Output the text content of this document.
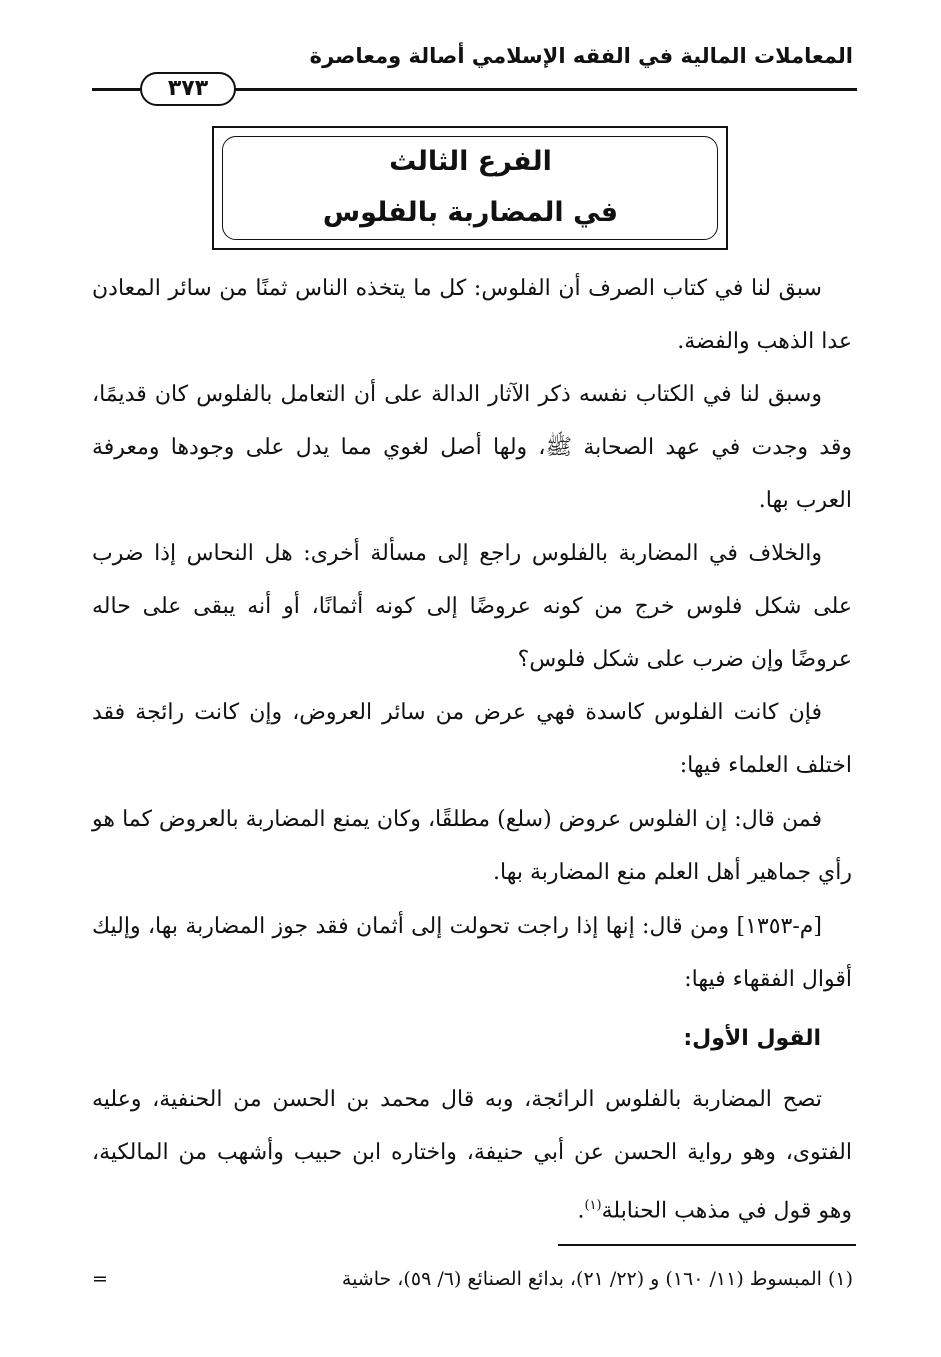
المعاملات المالية في الفقه الإسلامي أصالة ومعاصرة
٣٧٣
الفرع الثالث
في المضاربة بالفلوس
سبق لنا في كتاب الصرف أن الفلوس: كل ما يتخذه الناس ثمنًا من سائر المعادن عدا الذهب والفضة.
وسبق لنا في الكتاب نفسه ذكر الآثار الدالة على أن التعامل بالفلوس كان قديمًا، وقد وجدت في عهد الصحابة ﷺ، ولها أصل لغوي مما يدل على وجودها ومعرفة العرب بها.
والخلاف في المضاربة بالفلوس راجع إلى مسألة أخرى: هل النحاس إذا ضرب على شكل فلوس خرج من كونه عروضًا إلى كونه أثمانًا، أو أنه يبقى على حاله عروضًا وإن ضرب على شكل فلوس؟
فإن كانت الفلوس كاسدة فهي عرض من سائر العروض، وإن كانت رائجة فقد اختلف العلماء فيها:
فمن قال: إن الفلوس عروض (سلع) مطلقًا، وكان يمنع المضاربة بالعروض كما هو رأي جماهير أهل العلم منع المضاربة بها.
[م-١٣٥٣] ومن قال: إنها إذا راجت تحولت إلى أثمان فقد جوز المضاربة بها، وإليك أقوال الفقهاء فيها:
القول الأول:
تصح المضاربة بالفلوس الرائجة، وبه قال محمد بن الحسن من الحنفية، وعليه الفتوى، وهو رواية الحسن عن أبي حنيفة، واختاره ابن حبيب وأشهب من المالكية، وهو قول في مذهب الحنابلة$^{(١)}$.
(١) المبسوط (١١/ ١٦٠) و (٢٢/ ٢١)، بدائع الصنائع (٦/ ٥٩)، حاشية
=
